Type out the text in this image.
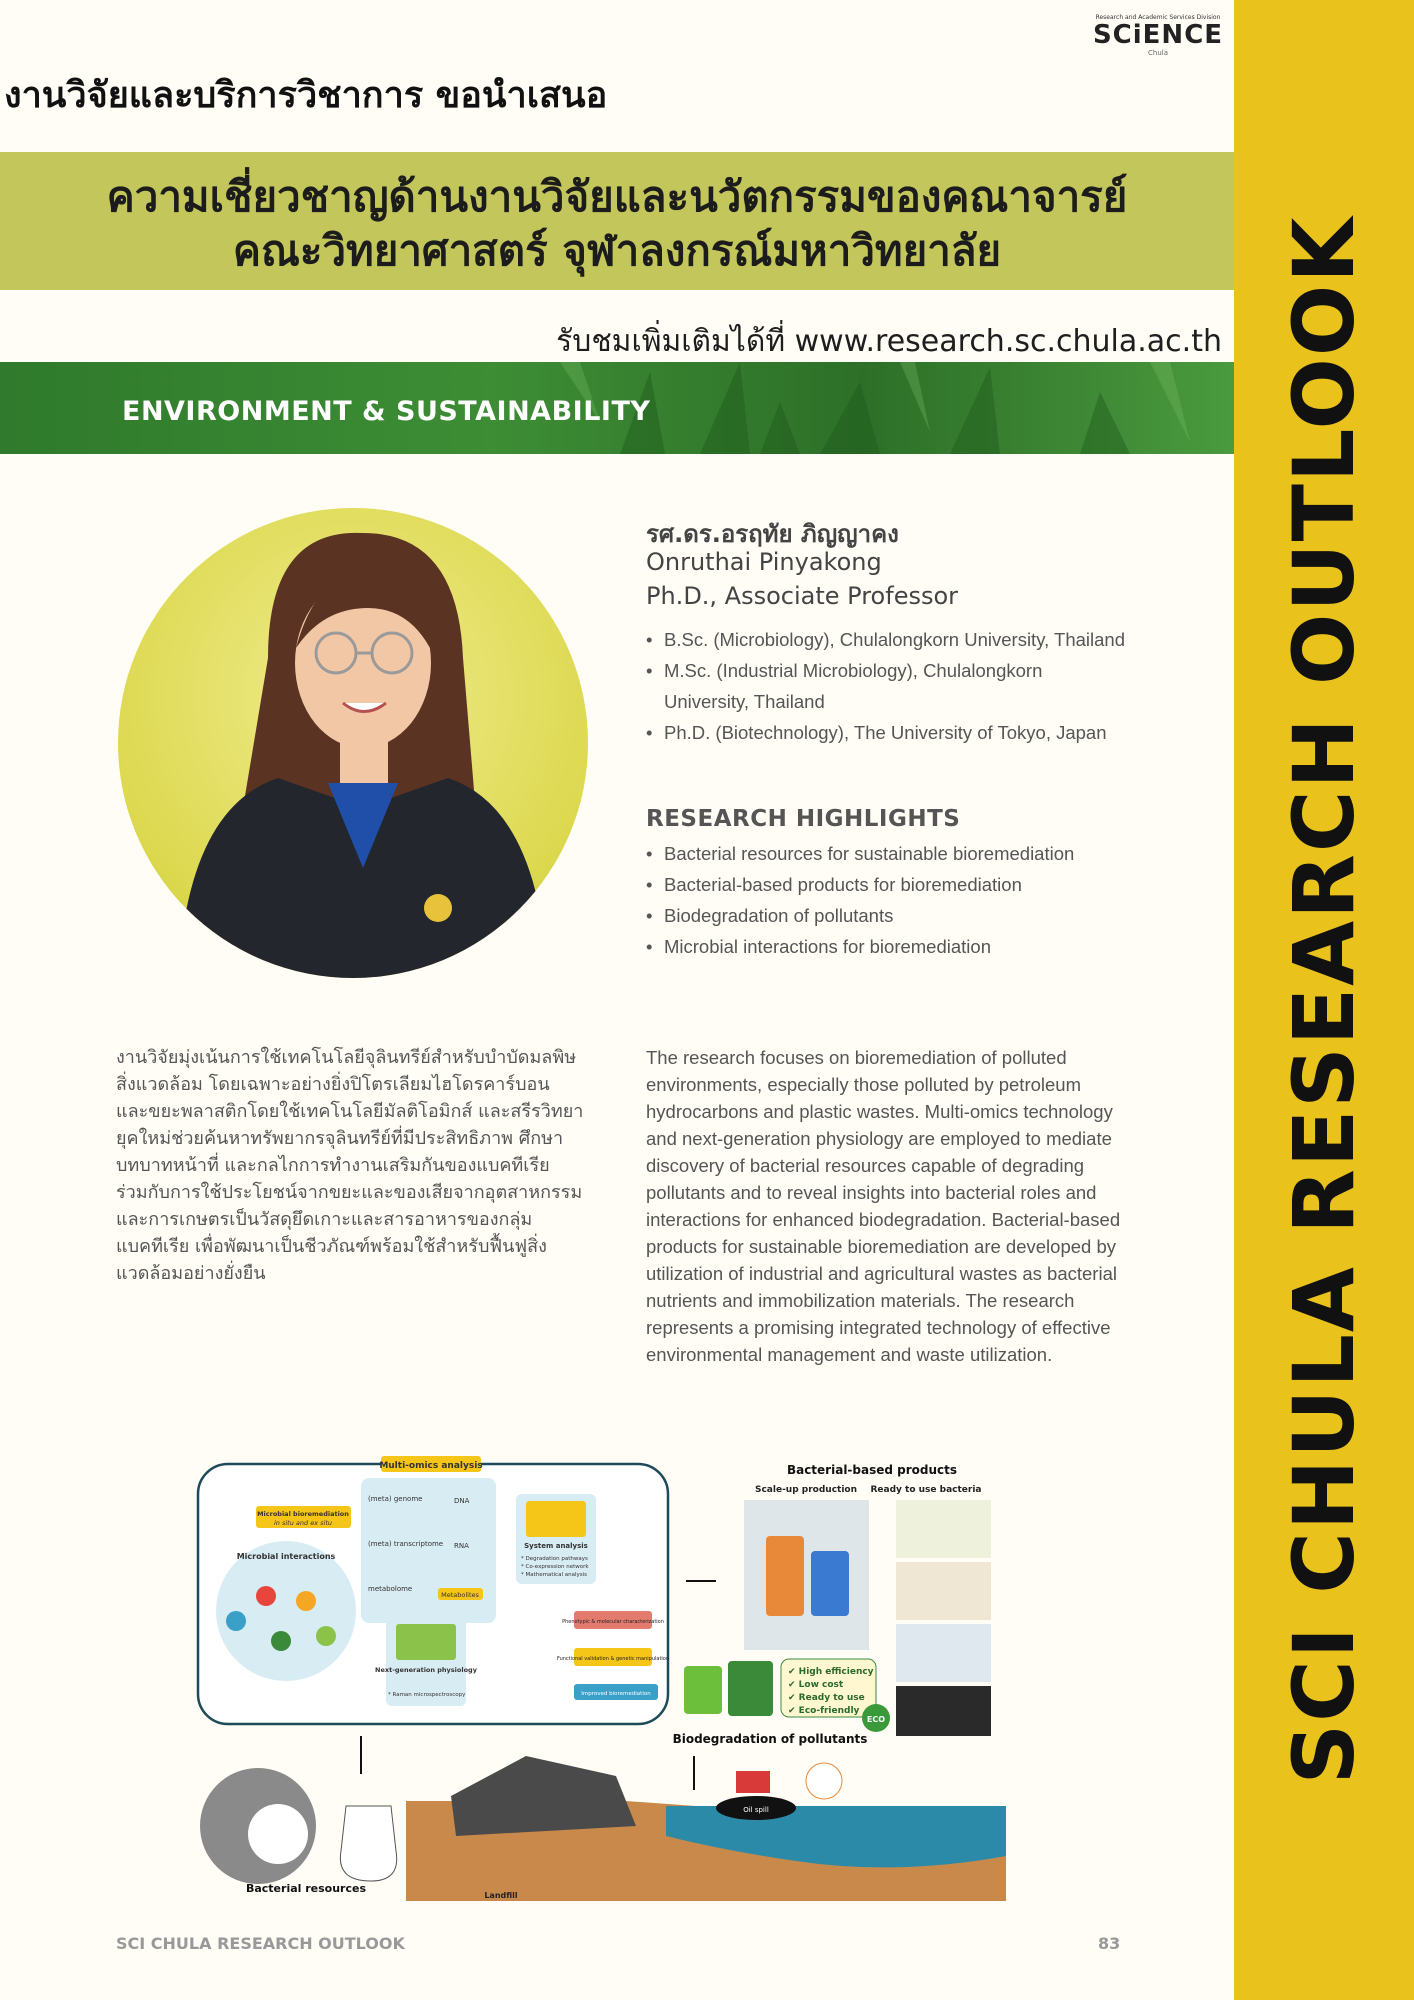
SCI CHULA RESEARCH OUTLOOK
Research and Academic Services Division
SCiENCE
Chula
งานวิจัยและบริการวิชาการ ขอนำเสนอ
ความเชี่ยวชาญด้านงานวิจัยและนวัตกรรมของคณาจารย์
คณะวิทยาศาสตร์ จุฬาลงกรณ์มหาวิทยาลัย
รับชมเพิ่มเติมได้ที่ www.research.sc.chula.ac.th
ENVIRONMENT & SUSTAINABILITY
รศ.ดร.อรฤทัย ภิญญาคง
Onruthai Pinyakong
Ph.D., Associate Professor
• B.Sc. (Microbiology), Chulalongkorn University, Thailand
• M.Sc. (Industrial Microbiology), Chulalongkorn University, Thailand
• Ph.D. (Biotechnology), The University of Tokyo, Japan
RESEARCH HIGHLIGHTS
• Bacterial resources for sustainable bioremediation
• Bacterial-based products for bioremediation
• Biodegradation of pollutants
• Microbial interactions for bioremediation
งานวิจัยมุ่งเน้นการใช้เทคโนโลยีจุลินทรีย์สำหรับบำบัดมลพิษสิ่งแวดล้อม โดยเฉพาะอย่างยิ่งปิโตรเลียมไฮโดรคาร์บอน และขยะพลาสติกโดยใช้เทคโนโลยีมัลติโอมิกส์ และสรีรวิทยายุคใหม่ช่วยค้นหาทรัพยากรจุลินทรีย์ที่มีประสิทธิภาพ ศึกษาบทบาทหน้าที่ และกลไกการทำงานเสริมกันของแบคทีเรีย ร่วมกับการใช้ประโยชน์จากขยะและของเสียจากอุตสาหกรรมและการเกษตรเป็นวัสดุยึดเกาะและสารอาหารของกลุ่มแบคทีเรีย เพื่อพัฒนาเป็นชีวภัณฑ์พร้อมใช้สำหรับฟื้นฟูสิ่งแวดล้อมอย่างยั่งยืน
The research focuses on bioremediation of polluted environments, especially those polluted by petroleum hydrocarbons and plastic wastes. Multi-omics technology and next-generation physiology are employed to mediate discovery of bacterial resources capable of degrading pollutants and to reveal insights into bacterial roles and interactions for enhanced biodegradation. Bacterial-based products for sustainable bioremediation are developed by utilization of industrial and agricultural wastes as bacterial nutrients and immobilization materials. The research represents a promising integrated technology of effective environmental management and waste utilization.
Multi-omics analysis
Microbial bioremediation
in situ and ex situ
Microbial interactions
(meta) genome
(meta) transcriptome
metabolome
DNA
RNA
Metabolites
System analysis
* Degradation pathways
* Co-expression network
* Mathematical analysis
Next-generation physiology
* Raman microspectroscopy
Phenotypic & molecular characterization
Functional validation & genetic manipulation
Improved bioremediation
Bacterial-based products
Scale-up production Ready to use bacteria
✔ High efficiency
✔ Low cost
✔ Ready to use
✔ Eco-friendly
ECO
Biodegradation of pollutants
Bacterial resources
Landfill
Oil spill
SCI CHULA RESEARCH OUTLOOK	83
